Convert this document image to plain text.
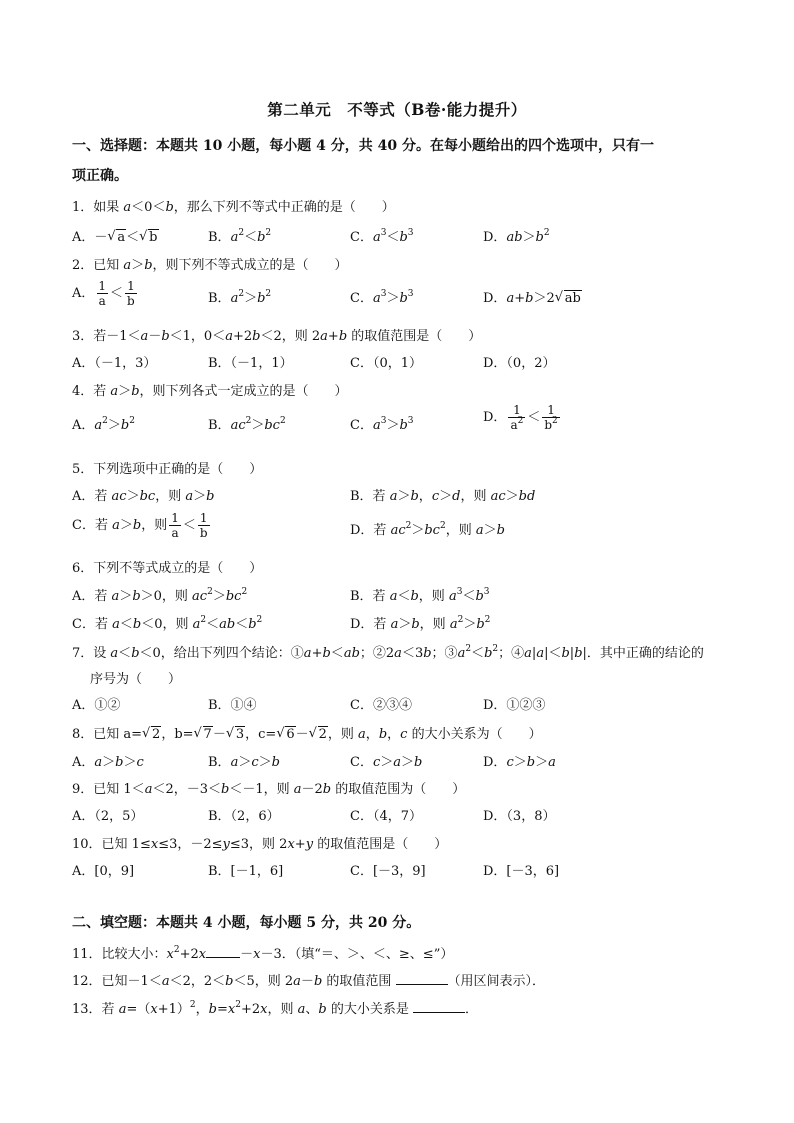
第二单元　不等式（B卷·能力提升）
一、选择题：本题共 10 小题，每小题 4 分，共 40 分。在每小题给出的四个选项中，只有一
项正确。
1．如果 a＜0＜b，那么下列不等式中正确的是（　　）
A．－ √ a＜ √ b	B．$a^2<b^2$	C．$a^3<b^3$	D．$ab>b^2$
2．已知 a＞b，则下列不等式成立的是（　　）
A． $\frac{1}{a} < \frac{1}{b}$	B．$a^2>b^2$	C．$a^3>b^3$	D．a+b＞2 √ ab
3．若－1＜a－b＜1，0＜a+2b＜2，则 2a+b 的取值范围是（　　）
A．（－1，3）	B．（－1，1）	C．（0，1）	D．（0，2）
4．若 a＞b，则下列各式一定成立的是（　　）
A．$a^2>b^2$	B．$ac^2>bc^2$	C．$a^3>b^3$	D． $\frac{1}{a^2} < \frac{1}{b^2}$
5．下列选项中正确的是（　　）
A．若 ac＞bc，则 a＞b	B．若 a＞b，c＞d，则 ac＞bd
C．若 a＞b，则 $\frac{1}{a} < \frac{1}{b}$	D．若 $ac^2>bc^2$，则 a＞b
6．下列不等式成立的是（　　）
A．若 a＞b＞0，则 $ac^2>bc^2$	B．若 a＜b，则 $a^3<b^3$
C．若 a＜b＜0，则 $a^2<ab<b^2$	D．若 a＞b，则 $a^2>b^2$
7．设 a＜b＜0，给出下列四个结论：①a+b＜ab；②2a＜3b；$③a^2<b^2$；④a|a|＜b|b|．其中正确的结论的
序号为（　　）
A．①②	B．①④	C．②③④	D．①②③
8．已知 a= √ 2，b= √ 7－ √ 3，c= √ 6－ √ 2，则 a，b，c 的大小关系为（　　）
A．a＞b＞c	B．a＞c＞b	C．c＞a＞b	D．c＞b＞a
9．已知 1＜a＜2，－3＜b＜－1，则 a－2b 的取值范围为（　　）
A．（2，5）	B．（2，6）	C．（4，7）	D．（3，8）
10．已知 1≤x≤3，－2≤y≤3，则 2x+y 的取值范围是（　　）
A．[0，9]	B．[－1，6]	C．[－3，9]	D．[－3，6]
二、填空题：本题共 4 小题，每小题 5 分，共 20 分。
11．比较大小：$x^2+2x$	－x－3．（填“＝、＞、＜、≥、≤”）
12．已知－1＜a＜2，2＜b＜5，则 2a－b 的取值范围	（用区间表示）．
13．若 $a=(x+1)^2$，$b=x^2+2x$，则 a、b 的大小关系是	．
